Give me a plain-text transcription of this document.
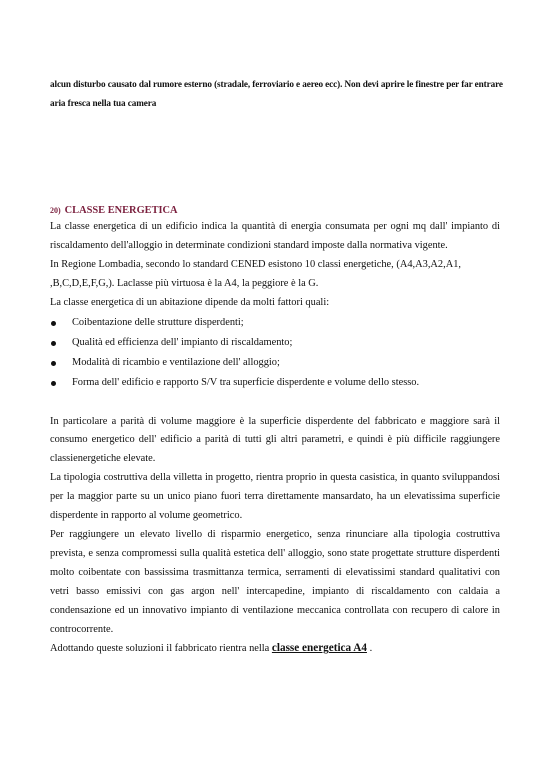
alcun disturbo causato dal rumore esterno (stradale, ferroviario e aereo ecc). Non devi aprire le finestre per far entrare
aria fresca nella tua camera
20) CLASSE ENERGETICA

La classe energetica di un edificio indica la quantità di energia consumata per ogni mq dall' impianto di riscaldamento dell'alloggio in determinate condizioni standard imposte dalla normativa vigente.

In Regione Lombadia, secondo lo standard CENED esistono 10 classi energetiche, (A4,A3,A2,A1,

,B,C,D,E,F,G,). Laclasse più virtuosa è la A4, la peggiore è la G.

La classe energetica di un abitazione dipende da molti fattori quali:

Coibentazione delle strutture disperdenti;
Qualità ed efficienza dell' impianto di riscaldamento;
Modalità di ricambio e ventilazione dell' alloggio;
Forma dell' edificio e rapporto S/V tra superficie disperdente e volume dello stesso.

In particolare a parità di volume maggiore è la superficie disperdente del fabbricato e maggiore sarà il consumo energetico dell' edificio a parità di tutti gli altri parametri, e quindi è più difficile raggiungere classienergetiche elevate.

La tipologia costruttiva della villetta in progetto, rientra proprio in questa casistica, in quanto sviluppandosi per la maggior parte su un unico piano fuori terra direttamente mansardato, ha un elevatissima superficie disperdente in rapporto al volume geometrico.

Per raggiungere un elevato livello di risparmio energetico, senza rinunciare alla tipologia costruttiva prevista, e senza compromessi sulla qualità estetica dell' alloggio, sono state progettate strutture disperdenti molto coibentate con bassissima trasmittanza termica, serramenti di elevatissimi standard qualitativi con vetri basso emissivi con gas argon nell' intercapedine, impianto di riscaldamento con caldaia a condensazione ed un innovativo impianto di ventilazione meccanica controllata con recupero di calore in controcorrente.

Adottando queste soluzioni il fabbricato rientra nella classe energetica A4 .
